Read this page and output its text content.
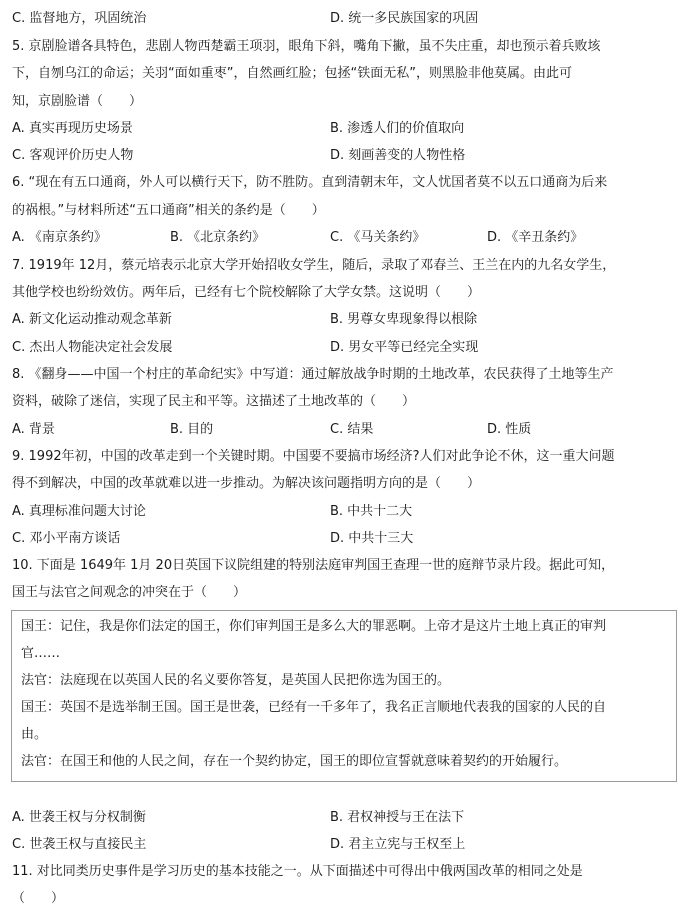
C. 监督地方，巩固统治	D. 统一多民族国家的巩固
5. 京剧脸谱各具特色，悲剧人物西楚霸王项羽，眼角下斜，嘴角下撇，虽不失庄重，却也预示着兵败垓
下，自刎乌江的命运；关羽“面如重枣”，自然画红脸；包拯“铁面无私”，则黑脸非他莫属。由此可
知，京剧脸谱（　　）
A. 真实再现历史场景	B. 渗透人们的价值取向
C. 客观评价历史人物	D. 刻画善变的人物性格
6. “现在有五口通商，外人可以横行天下，防不胜防。直到清朝末年，文人忧国者莫不以五口通商为后来
的祸根。”与材料所述“五口通商”相关的条约是（　　）
A. 《南京条约》	B. 《北京条约》	C. 《马关条约》	D. 《辛丑条约》
7. 1919年 12月，蔡元培表示北京大学开始招收女学生，随后，录取了邓春兰、王兰在内的九名女学生，
其他学校也纷纷效仿。两年后，已经有七个院校解除了大学女禁。这说明（　　）
A. 新文化运动推动观念革新	B. 男尊女卑现象得以根除
C. 杰出人物能决定社会发展	D. 男女平等已经完全实现
8. 《翻身——中国一个村庄的革命纪实》中写道：通过解放战争时期的土地改革，农民获得了土地等生产
资料，破除了迷信，实现了民主和平等。这描述了土地改革的（　　）
A. 背景	B. 目的	C. 结果	D. 性质
9. 1992年初，中国的改革走到一个关键时期。中国要不要搞市场经济?人们对此争论不休，这一重大问题
得不到解决，中国的改革就难以进一步推动。为解决该问题指明方向的是（　　）
A. 真理标准问题大讨论	B. 中共十二大
C. 邓小平南方谈话	D. 中共十三大
10. 下面是 1649年 1月 20日英国下议院组建的特别法庭审判国王查理一世的庭辩节录片段。据此可知，
国王与法官之间观念的冲突在于（　　）
国王：记住，我是你们法定的国王，你们审判国王是多么大的罪恶啊。上帝才是这片土地上真正的审判
官……
法官：法庭现在以英国人民的名义要你答复，是英国人民把你选为国王的。
国王：英国不是选举制王国。国王是世袭，已经有一千多年了，我名正言顺地代表我的国家的人民的自
由。
法官：在国王和他的人民之间，存在一个契约协定，国王的即位宣誓就意味着契约的开始履行。
A. 世袭王权与分权制衡	B. 君权神授与王在法下
C. 世袭王权与直接民主	D. 君主立宪与王权至上
11. 对比同类历史事件是学习历史的基本技能之一。从下面描述中可得出中俄两国改革的相同之处是
（　　）
